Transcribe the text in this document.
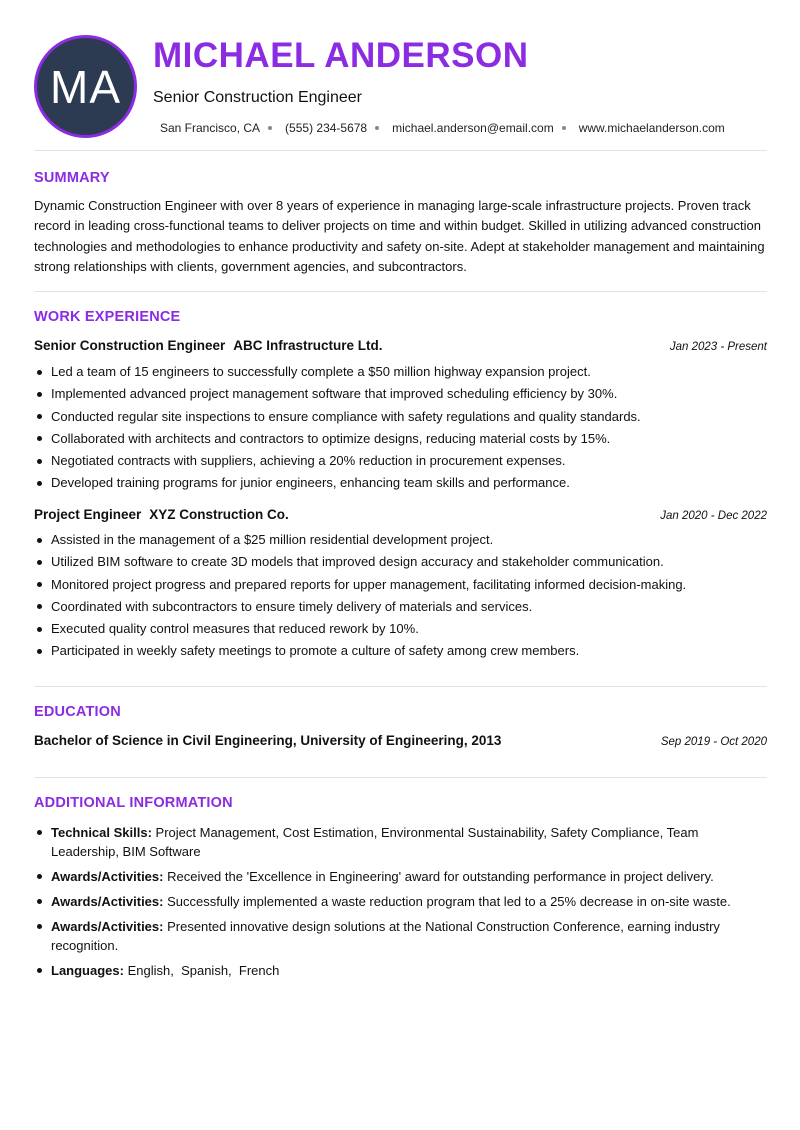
MA
MICHAEL ANDERSON
Senior Construction Engineer
San Francisco, CA (555) 234-5678 michael.anderson@email.com www.michaelanderson.com
SUMMARY

Dynamic Construction Engineer with over 8 years of experience in managing large-scale infrastructure projects. Proven track record in leading cross-functional teams to deliver projects on time and within budget. Skilled in utilizing advanced construction technologies and methodologies to enhance productivity and safety on-site. Adept at stakeholder management and maintaining strong relationships with clients, government agencies, and subcontractors.

WORK EXPERIENCE
Senior Construction Engineer ABC Infrastructure Ltd.	Jan 2023 - Present
Led a team of 15 engineers to successfully complete a $50 million highway expansion project.
Implemented advanced project management software that improved scheduling efficiency by 30%.
Conducted regular site inspections to ensure compliance with safety regulations and quality standards.
Collaborated with architects and contractors to optimize designs, reducing material costs by 15%.
Negotiated contracts with suppliers, achieving a 20% reduction in procurement expenses.
Developed training programs for junior engineers, enhancing team skills and performance.
Project Engineer XYZ Construction Co.	Jan 2020 - Dec 2022
Assisted in the management of a $25 million residential development project.
Utilized BIM software to create 3D models that improved design accuracy and stakeholder communication.
Monitored project progress and prepared reports for upper management, facilitating informed decision-making.
Coordinated with subcontractors to ensure timely delivery of materials and services.
Executed quality control measures that reduced rework by 10%.
Participated in weekly safety meetings to promote a culture of safety among crew members.
EDUCATION
Bachelor of Science in Civil Engineering, University of Engineering, 2013	Sep 2019 - Oct 2020
ADDITIONAL INFORMATION
Technical Skills: Project Management, Cost Estimation, Environmental Sustainability, Safety Compliance, Team Leadership, BIM Software
Awards/Activities: Received the 'Excellence in Engineering' award for outstanding performance in project delivery.
Awards/Activities: Successfully implemented a waste reduction program that led to a 25% decrease in on-site waste.
Awards/Activities: Presented innovative design solutions at the National Construction Conference, earning industry recognition.
Languages: English,  Spanish,  French
